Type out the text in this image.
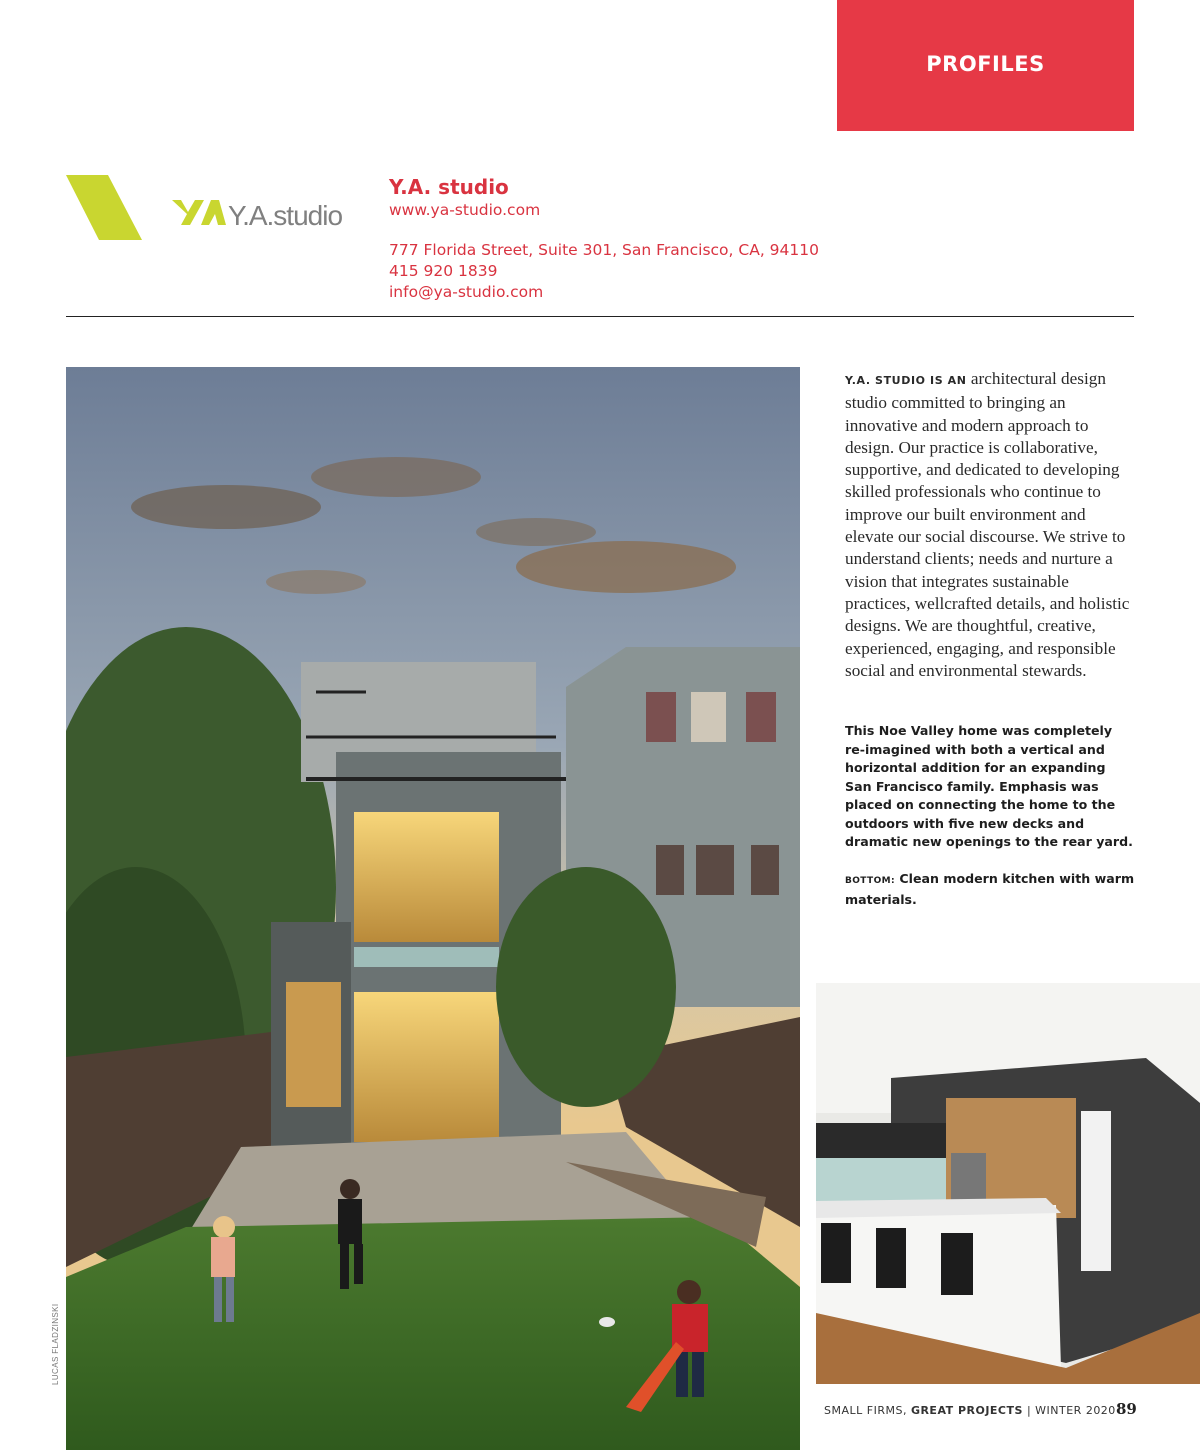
PROFILES
Y.A.studio
Y.A. studio
www.ya-studio.com
777 Florida Street, Suite 301, San Francisco, CA, 94110
415 920 1839
info@ya-studio.com
LUCAS FLADZINSKI

Y.A. STUDIO IS AN architectural design studio committed to bringing an innovative and modern approach to design. Our practice is collaborative, supportive, and dedicated to developing skilled professionals who continue to improve our built environment and elevate our social discourse. We strive to understand clients; needs and nurture a vision that integrates sustainable practices, wellcrafted details, and holistic designs. We are thoughtful, creative, experienced, engaging, and responsible social and environmental stewards.

This Noe Valley home was completely re-imagined with both a vertical and horizontal addition for an expanding San Francisco family. Emphasis was placed on connecting the home to the outdoors with five new decks and dramatic new openings to the rear yard.
BOTTOM: Clean modern kitchen with warm materials.
SMALL FIRMS, GREAT PROJECTS | WINTER 2020 89
